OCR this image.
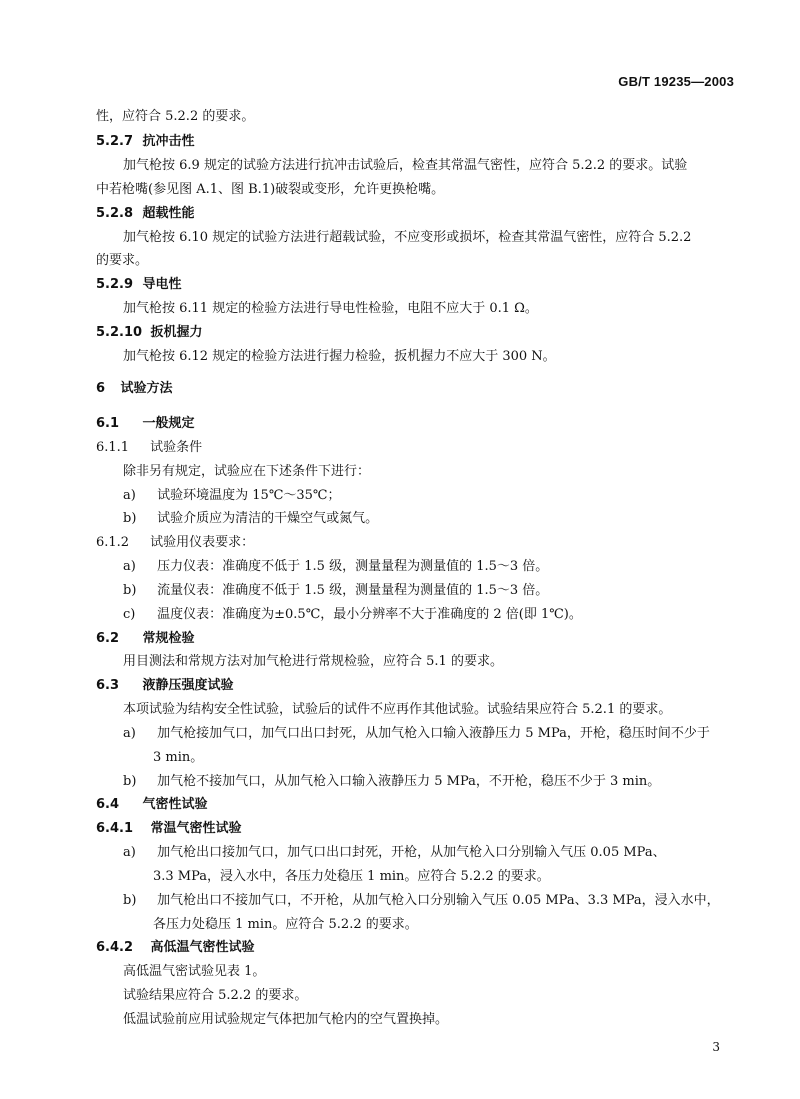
GB/T 19235—2003
性，应符合 5.2.2 的要求。
5.2.7 抗冲击性
加气枪按 6.9 规定的试验方法进行抗冲击试验后，检查其常温气密性，应符合 5.2.2 的要求。试验
中若枪嘴(参见图 A.1、图 B.1)破裂或变形，允许更换枪嘴。
5.2.8 超载性能
加气枪按 6.10 规定的试验方法进行超载试验，不应变形或损坏，检查其常温气密性，应符合 5.2.2
的要求。
5.2.9 导电性
加气枪按 6.11 规定的检验方法进行导电性检验，电阻不应大于 0.1 Ω。
5.2.10 扳机握力
加气枪按 6.12 规定的检验方法进行握力检验，扳机握力不应大于 300 N。
6 试验方法
6.1 一般规定
6.1.1 试验条件
除非另有规定，试验应在下述条件下进行：
a) 试验环境温度为 15℃～35℃；
b) 试验介质应为清洁的干燥空气或氮气。
6.1.2 试验用仪表要求：
a) 压力仪表：准确度不低于 1.5 级，测量量程为测量值的 1.5～3 倍。
b) 流量仪表：准确度不低于 1.5 级，测量量程为测量值的 1.5～3 倍。
c) 温度仪表：准确度为±0.5℃，最小分辨率不大于准确度的 2 倍(即 1℃)。
6.2 常规检验
用目测法和常规方法对加气枪进行常规检验，应符合 5.1 的要求。
6.3 液静压强度试验
本项试验为结构安全性试验，试验后的试件不应再作其他试验。试验结果应符合 5.2.1 的要求。
a) 加气枪接加气口，加气口出口封死，从加气枪入口输入液静压力 5 MPa，开枪，稳压时间不少于
3 min。
b) 加气枪不接加气口，从加气枪入口输入液静压力 5 MPa，不开枪，稳压不少于 3 min。
6.4 气密性试验
6.4.1 常温气密性试验
a) 加气枪出口接加气口，加气口出口封死，开枪，从加气枪入口分别输入气压 0.05 MPa、
3.3 MPa，浸入水中，各压力处稳压 1 min。应符合 5.2.2 的要求。
b) 加气枪出口不接加气口，不开枪，从加气枪入口分别输入气压 0.05 MPa、3.3 MPa，浸入水中，
各压力处稳压 1 min。应符合 5.2.2 的要求。
6.4.2 高低温气密性试验
高低温气密试验见表 1。
试验结果应符合 5.2.2 的要求。
低温试验前应用试验规定气体把加气枪内的空气置换掉。
3
